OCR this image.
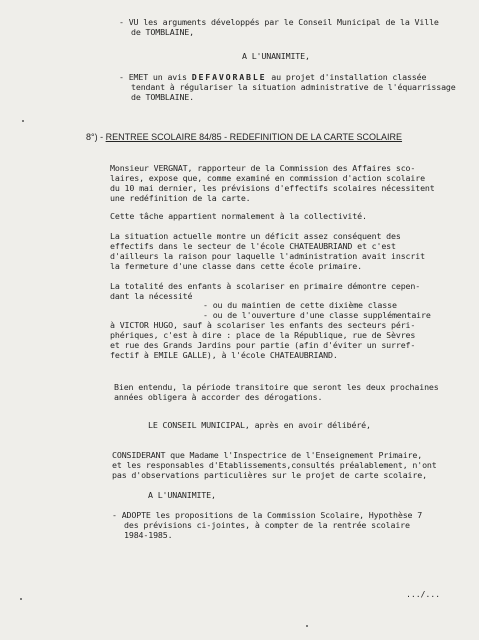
- VU les arguments développés par le Conseil Municipal de la Ville
de TOMBLAINE,
A L'UNANIMITE,
- EMET un avis DEFAVORABLE au projet d'installation classée
tendant à régulariser la situation administrative de l'équarrissage
de TOMBLAINE.
8°) - RENTREE SCOLAIRE 84/85 - REDEFINITION DE LA CARTE SCOLAIRE
Monsieur VERGNAT, rapporteur de la Commission des Affaires sco-
laires, expose que, comme examiné en commission d'action scolaire
du 10 mai dernier, les prévisions d'effectifs scolaires nécessitent
une redéfinition de la carte.
Cette tâche appartient normalement à la collectivité.
La situation actuelle montre un déficit assez conséquent des
effectifs dans le secteur de l'école CHATEAUBRIAND et c'est
d'ailleurs la raison pour laquelle l'administration avait inscrit
la fermeture d'une classe dans cette école primaire.
La totalité des enfants à scolariser en primaire démontre cepen-
dant la nécessité
- ou du maintien de cette dixième classe
- ou de l'ouverture d'une classe supplémentaire
à VICTOR HUGO, sauf à scolariser les enfants des secteurs péri-
phériques, c'est à dire : place de la République, rue de Sèvres
et rue des Grands Jardins pour partie (afin d'éviter un surref-
fectif à EMILE GALLE), à l'école CHATEAUBRIAND.
Bien entendu, la période transitoire que seront les deux prochaines
années obligera à accorder des dérogations.
LE CONSEIL MUNICIPAL, après en avoir délibéré,
CONSIDERANT que Madame l'Inspectrice de l'Enseignement Primaire,
et les responsables d'Etablissements,consultés préalablement, n'ont
pas d'observations particulières sur le projet de carte scolaire,
A L'UNANIMITE,
- ADOPTE les propositions de la Commission Scolaire, Hypothèse 7
des prévisions ci-jointes, à compter de la rentrée scolaire
1984-1985.
.../...
